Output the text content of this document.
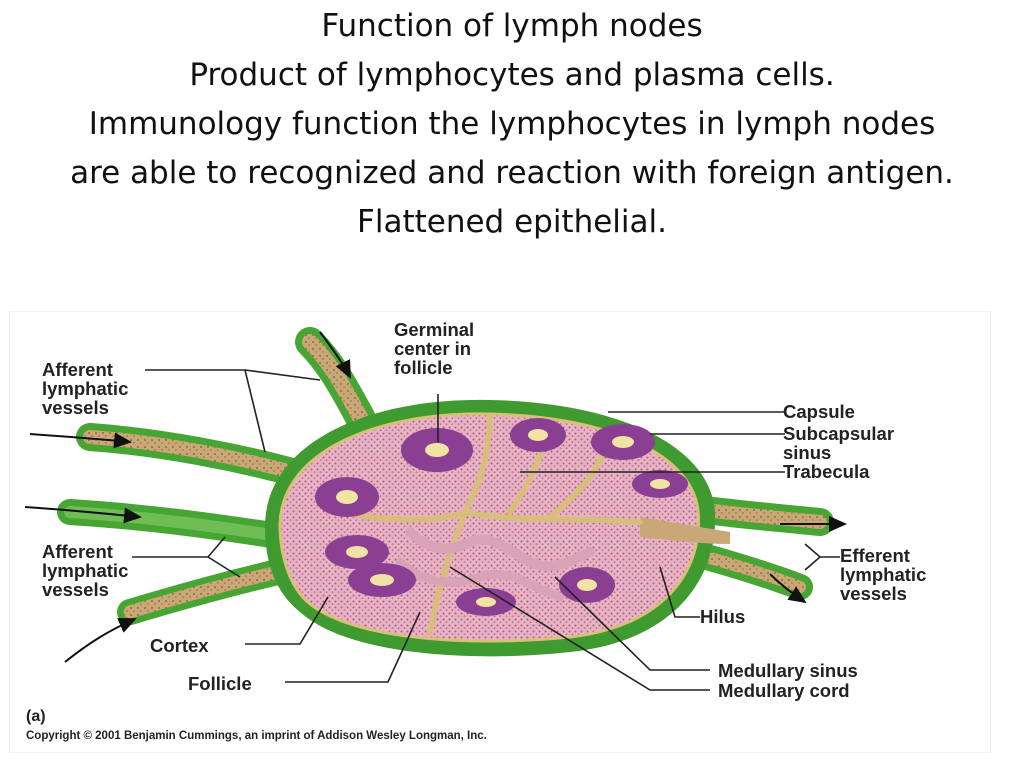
Function of lymph nodes
Product of lymphocytes and plasma cells.
Immunology function the lymphocytes in lymph nodes
are able to recognized and reaction with foreign antigen.
Flattened epithelial.
Afferent
lymphatic
vessels
Germinal
center in
follicle
Capsule
Subcapsular
sinus
Trabecula
Efferent
lymphatic
vessels
Hilus
Afferent
lymphatic
vessels
Cortex
Follicle
Medullary sinus
Medullary cord
(a)
Copyright © 2001 Benjamin Cummings, an imprint of Addison Wesley Longman, Inc.
